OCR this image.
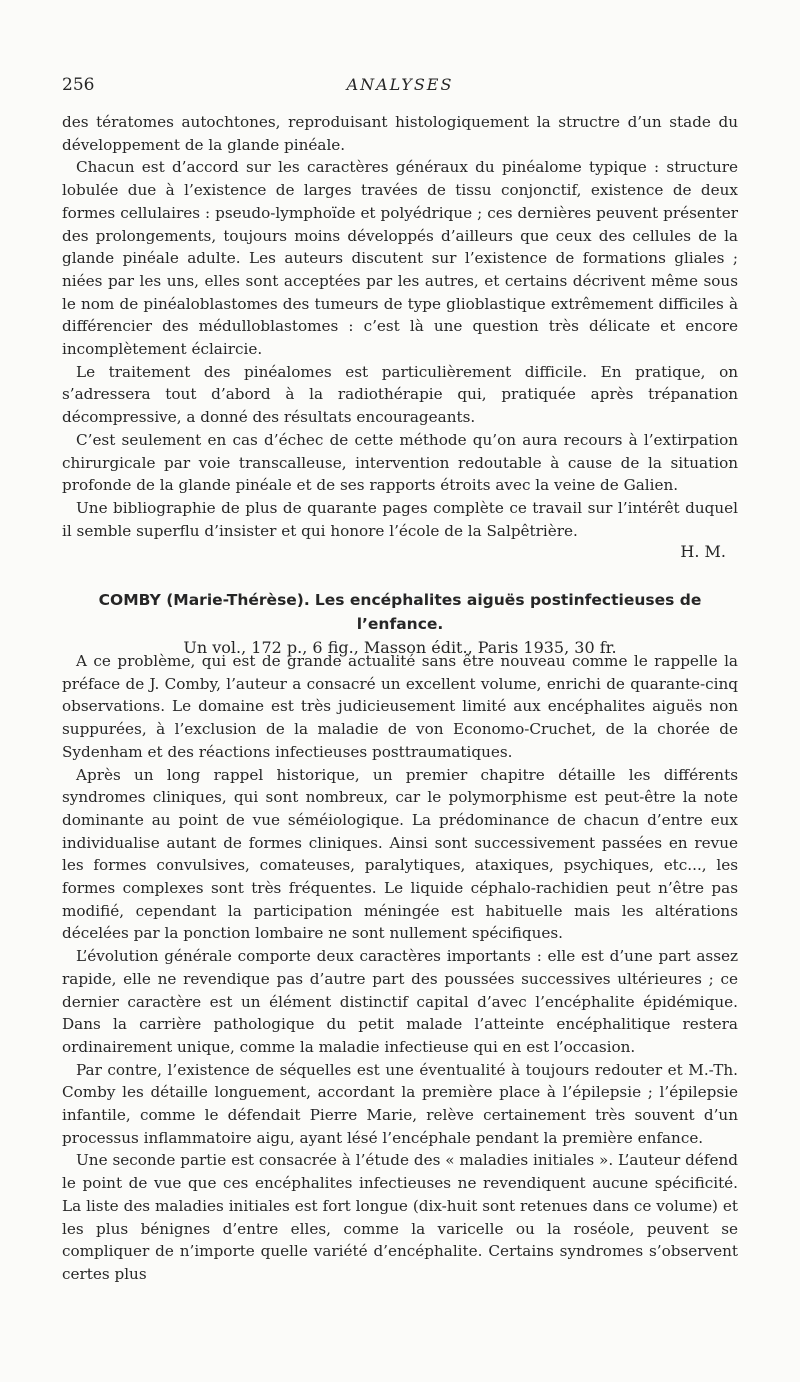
256	ANALYSES

des tératomes autochtones, reproduisant histologiquement la structre d’un stade du développement de la glande pinéale.

Chacun est d’accord sur les caractères généraux du pinéalome typique : structure lobulée due à l’existence de larges travées de tissu conjonctif, existence de deux formes cellulaires : pseudo-lymphoïde et polyédrique ; ces dernières peuvent présenter des prolongements, toujours moins développés d’ailleurs que ceux des cellules de la glande pinéale adulte. Les auteurs discutent sur l’existence de formations gliales ; niées par les uns, elles sont acceptées par les autres, et certains décrivent même sous le nom de pinéaloblastomes des tumeurs de type glioblastique extrêmement difficiles à différencier des médulloblastomes : c’est là une question très délicate et encore incomplètement éclaircie.

Le traitement des pinéalomes est particulièrement difficile. En pratique, on s’adressera tout d’abord à la radiothérapie qui, pratiquée après trépanation décompressive, a donné des résultats encourageants.

C’est seulement en cas d’échec de cette méthode qu’on aura recours à l’extirpation chirurgicale par voie transcalleuse, intervention redoutable à cause de la situation profonde de la glande pinéale et de ses rapports étroits avec la veine de Galien.

Une bibliographie de plus de quarante pages complète ce travail sur l’intérêt duquel il semble superflu d’insister et qui honore l’école de la Salpêtrière.

H. M.
COMBY (Marie-Thérèse). Les encéphalites aiguës postinfectieuses de l’enfance.
Un vol., 172 p., 6 fig., Masson édit., Paris 1935, 30 fr.

A ce problème, qui est de grande actualité sans être nouveau comme le rappelle la préface de J. Comby, l’auteur a consacré un excellent volume, enrichi de quarante-cinq observations. Le domaine est très judicieusement limité aux encéphalites aiguës non suppurées, à l’exclusion de la maladie de von Economo-Cruchet, de la chorée de Sydenham et des réactions infectieuses posttraumatiques.

Après un long rappel historique, un premier chapitre détaille les différents syndromes cliniques, qui sont nombreux, car le polymorphisme est peut-être la note dominante au point de vue séméiologique. La prédominance de chacun d’entre eux individualise autant de formes cliniques. Ainsi sont successivement passées en revue les formes convulsives, comateuses, paralytiques, ataxiques, psychiques, etc..., les formes complexes sont très fréquentes. Le liquide céphalo-rachidien peut n’être pas modifié, cependant la participation méningée est habituelle mais les altérations décelées par la ponction lombaire ne sont nullement spécifiques.

L’évolution générale comporte deux caractères importants : elle est d’une part assez rapide, elle ne revendique pas d’autre part des poussées successives ultérieures ; ce dernier caractère est un élément distinctif capital d’avec l’encéphalite épidémique. Dans la carrière pathologique du petit malade l’atteinte encéphalitique restera ordinairement unique, comme la maladie infectieuse qui en est l’occasion.

Par contre, l’existence de séquelles est une éventualité à toujours redouter et M.-Th. Comby les détaille longuement, accordant la première place à l’épilepsie ; l’épilepsie infantile, comme le défendait Pierre Marie, relève certainement très souvent d’un processus inflammatoire aigu, ayant lésé l’encéphale pendant la première enfance.

Une seconde partie est consacrée à l’étude des « maladies initiales ». L’auteur défend le point de vue que ces encéphalites infectieuses ne revendiquent aucune spécificité. La liste des maladies initiales est fort longue (dix-huit sont retenues dans ce volume) et les plus bénignes d’entre elles, comme la varicelle ou la roséole, peuvent se compliquer de n’importe quelle variété d’encéphalite. Certains syndromes s’observent certes plus
